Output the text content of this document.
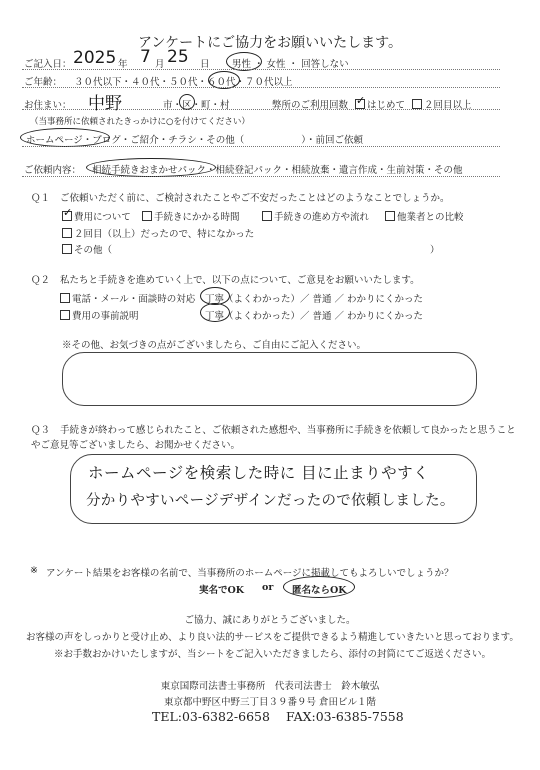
アンケートにご協力をお願いいたします。
ご記入日： 2025 年 7 月 25 日 男性 ・ 女性 ・ 回答しない
ご年齢： ３０代以下・４０代・５０代・６０代・７０代以上
お住まい： 中野	市・区・町・村	弊所のご利用回数
✓	はじめて	２回目以上
（当事務所に依頼されたきっかけに○を付けてください）
ホームページ・ブログ・ご紹介・チラシ・その他（　　　　　　）・前回ご依頼
ご依頼内容： 相続手続きおまかせパック・相続登記パック・相続放棄・遺言作成・生前対策・その他
Ｑ１ ご依頼いただく前に、ご検討されたことやご不安だったことはどのようなことでしょうか。
✓費用について	手続きにかかる時間	手続きの進め方や流れ	他業者との比較
２回目（以上）だったので、特になかった
その他（	）
Ｑ２ 私たちと手続きを進めていく上で、以下の点について、ご意見をお願いいたします。
電話・メール・面談時の対応 丁寧（よくわかった）／ 普通 ／ わかりにくかった
費用の事前説明	丁寧（よくわかった）／ 普通 ／ わかりにくかった
※その他、お気づきの点がございましたら、ご自由にご記入ください。
Ｑ３ 手続きが終わって感じられたこと、ご依頼された感想や、当事務所に手続きを依頼して良かったと思うこと
やご意見等ございましたら、お聞かせください。
ホームページを検索した時に 目に止まりやすく
分かりやすいページデザインだったので依頼しました。
※ アンケート結果をお客様の名前で、当事務所のホームページに掲載してもよろしいでしょうか？
実名でOK or 匿名ならOK
ご協力、誠にありがとうございました。
お客様の声をしっかりと受け止め、より良い法的サービスをご提供できるよう精進していきたいと思っております。
※お手数おかけいたしますが、当シートをご記入いただきましたら、添付の封筒にてご返送ください。
東京国際司法書士事務所　代表司法書士　鈴木敏弘
東京都中野区中野三丁目３９番９号 倉田ビル１階
TEL:03-6382-6658 FAX:03-6385-7558
